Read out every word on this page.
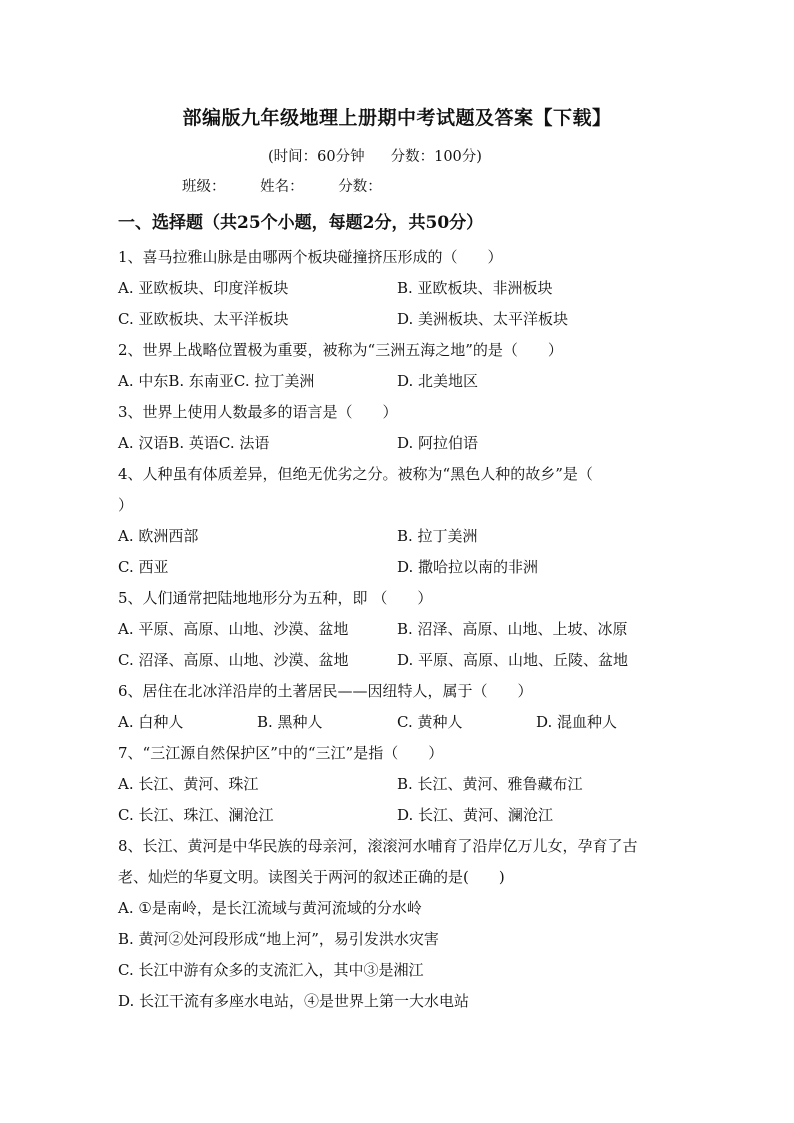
部编版九年级地理上册期中考试题及答案【下载】
(时间：60分钟 分数：100分)
班级： 姓名： 分数：
一、选择题（共25个小题，每题2分，共50分）
1、喜马拉雅山脉是由哪两个板块碰撞挤压形成的（　　）
A. 亚欧板块、印度洋板块	B. 亚欧板块、非洲板块
C. 亚欧板块、太平洋板块	D. 美洲板块、太平洋板块
2、世界上战略位置极为重要，被称为“三洲五海之地”的是（　　）
A. 中东B. 东南亚C. 拉丁美洲	D. 北美地区
3、世界上使用人数最多的语言是（　　）
A. 汉语B. 英语C. 法语	D. 阿拉伯语
4、人种虽有体质差异，但绝无优劣之分。被称为“黑色人种的故乡”是（
）
A. 欧洲西部	B. 拉丁美洲
C. 西亚	D. 撒哈拉以南的非洲
5、人们通常把陆地地形分为五种，即 （　　）
A. 平原、高原、山地、沙漠、盆地	B. 沼泽、高原、山地、上坡、冰原
C. 沼泽、高原、山地、沙漠、盆地	D. 平原、高原、山地、丘陵、盆地
6、居住在北冰洋沿岸的土著居民——因纽特人，属于（　　）
A. 白种人	B. 黑种人	C. 黄种人	D. 混血种人
7、“三江源自然保护区”中的“三江”是指（　　）
A. 长江、黄河、珠江	B. 长江、黄河、雅鲁藏布江
C. 长江、珠江、澜沧江	D. 长江、黄河、澜沧江
8、长江、黄河是中华民族的母亲河，滚滚河水哺育了沿岸亿万儿女，孕育了古
老、灿烂的华夏文明。读图关于两河的叙述正确的是(　　)
A. ①是南岭，是长江流域与黄河流域的分水岭
B. 黄河②处河段形成“地上河”，易引发洪水灾害
C. 长江中游有众多的支流汇入，其中③是湘江
D. 长江干流有多座水电站，④是世界上第一大水电站
